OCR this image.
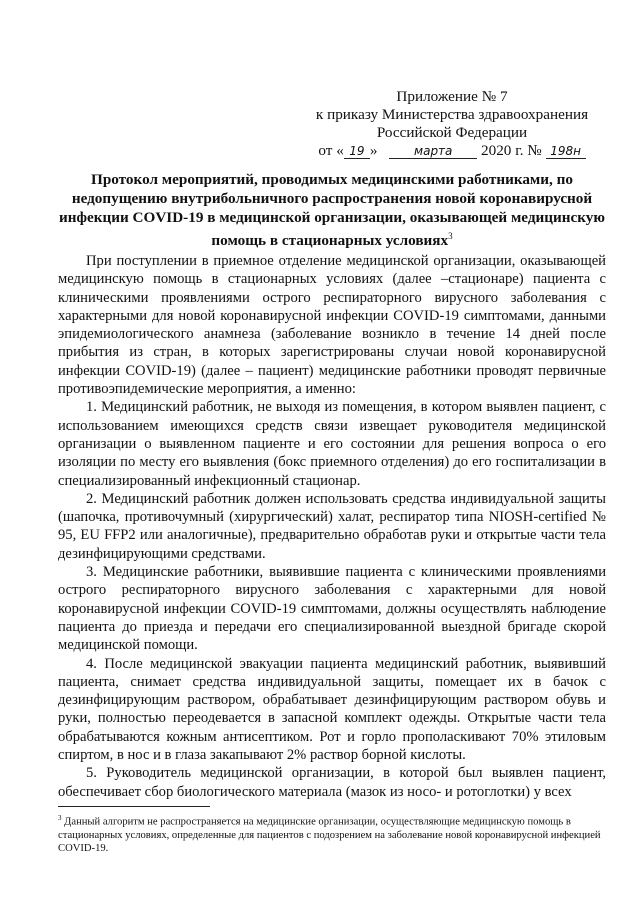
Приложение № 7
к приказу Министерства здравоохранения
Российской Федерации
от « 19 »	марта 2020 г. № 198н
Протокол мероприятий, проводимых медицинскими работниками, по недопущению внутрибольничного распространения новой коронавирусной инфекции COVID-19 в медицинской организации, оказывающей медицинскую помощь в стационарных условиях$^3$

При поступлении в приемное отделение медицинской организации, оказывающей медицинскую помощь в стационарных условиях (далее –стационаре) пациента с клиническими проявлениями острого респираторного вирусного заболевания с характерными для новой коронавирусной инфекции COVID-19 симптомами, данными эпидемиологического анамнеза (заболевание возникло в течение 14 дней после прибытия из стран, в которых зарегистрированы случаи новой коронавирусной инфекции COVID-19) (далее – пациент) медицинские работники проводят первичные противоэпидемические мероприятия, а именно:

1. Медицинский работник, не выходя из помещения, в котором выявлен пациент, с использованием имеющихся средств связи извещает руководителя медицинской организации о выявленном пациенте и его состоянии для решения вопроса о его изоляции по месту его выявления (бокс приемного отделения) до его госпитализации в специализированный инфекционный стационар.

2. Медицинский работник должен использовать средства индивидуальной защиты (шапочка, противочумный (хирургический) халат, респиратор типа NIOSH-certified № 95, EU FFP2 или аналогичные), предварительно обработав руки и открытые части тела дезинфицирующими средствами.

3. Медицинские работники, выявившие пациента с клиническими проявлениями острого респираторного вирусного заболевания с характерными для новой коронавирусной инфекции COVID-19 симптомами, должны осуществлять наблюдение пациента до приезда и передачи его специализированной выездной бригаде скорой медицинской помощи.

4. После медицинской эвакуации пациента медицинский работник, выявивший пациента, снимает средства индивидуальной защиты, помещает их в бачок с дезинфицирующим раствором, обрабатывает дезинфицирующим раствором обувь и руки, полностью переодевается в запасной комплект одежды. Открытые части тела обрабатываются кожным антисептиком. Рот и горло прополаскивают 70% этиловым спиртом, в нос и в глаза закапывают 2% раствор борной кислоты.

5. Руководитель медицинской организации, в которой был выявлен пациент, обеспечивает сбор биологического материала (мазок из носо- и ротоглотки) у всех

$^3$ Данный алгоритм не распространяется на медицинские организации, осуществляющие медицинскую помощь в стационарных условиях, определенные для пациентов с подозрением на заболевание новой коронавирусной инфекцией COVID-19.
